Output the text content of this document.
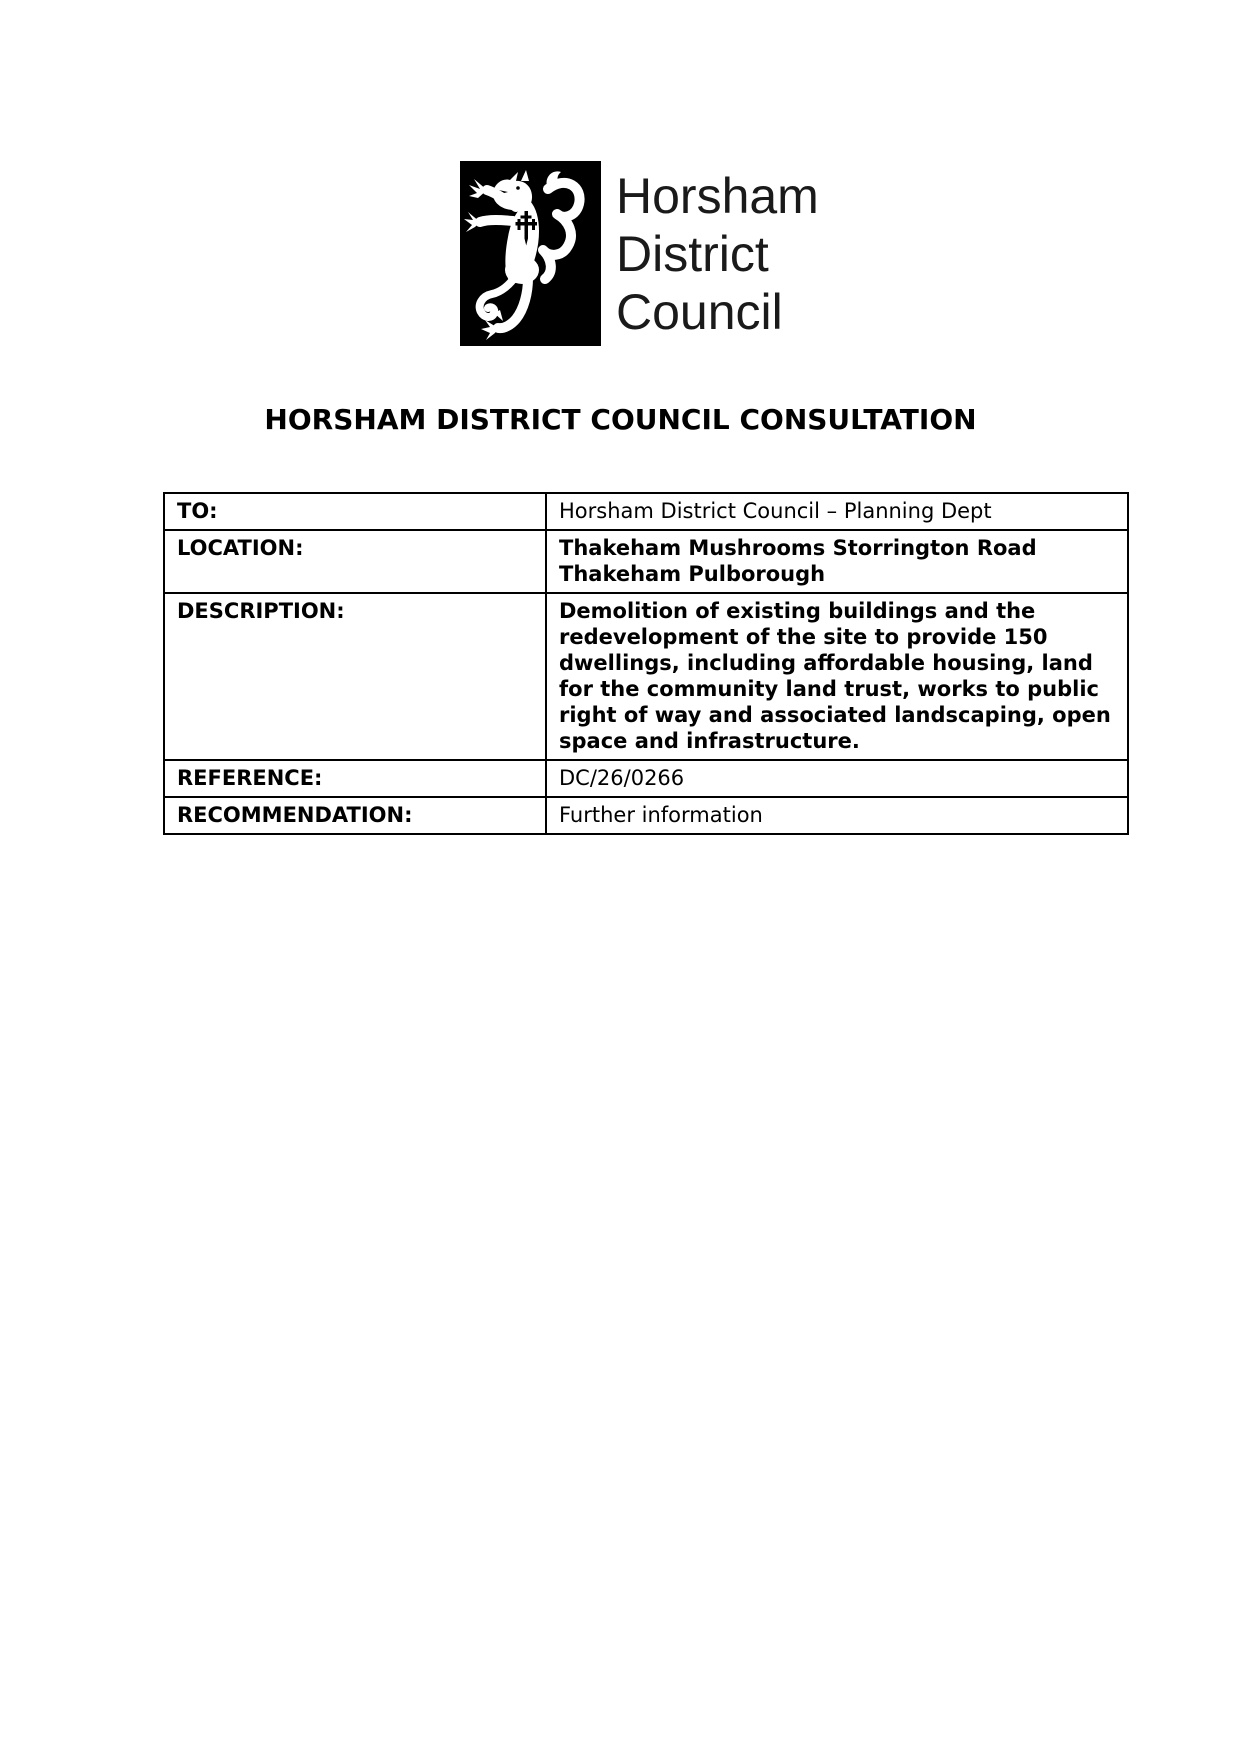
Horsham
District
Council
HORSHAM DISTRICT COUNCIL CONSULTATION
TO:	Horsham District Council – Planning Dept
LOCATION:	Thakeham Mushrooms Storrington Road Thakeham Pulborough
DESCRIPTION:	Demolition of existing buildings and the redevelopment of the site to provide 150 dwellings, including affordable housing, land for the community land trust, works to public right of way and associated landscaping, open space and infrastructure.
REFERENCE:	DC/26/0266
RECOMMENDATION:	Further information
